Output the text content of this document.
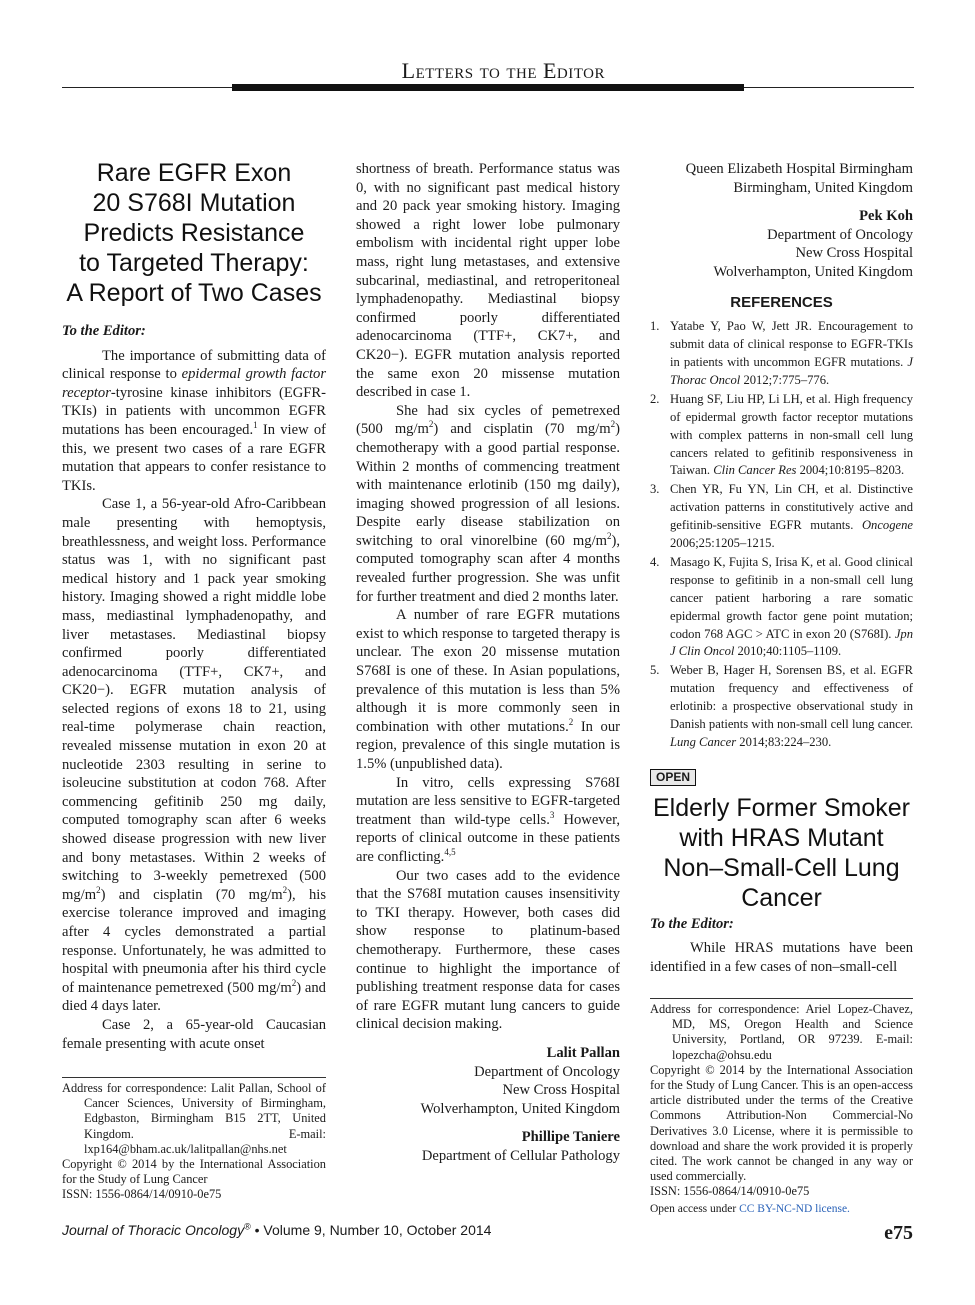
Letters to the Editor
Rare EGFR Exon
20 S768I Mutation
Predicts Resistance
to Targeted Therapy:
A Report of Two Cases
To the Editor:

The importance of submitting data of clinical response to epidermal growth factor receptor-tyrosine kinase inhibitors (EGFR-TKIs) in patients with uncommon EGFR mutations has been encouraged.$^1$ In view of this, we present two cases of a rare EGFR mutation that appears to confer resistance to TKIs.

Case 1, a 56-year-old Afro-Caribbean male presenting with hemoptysis, breathlessness, and weight loss. Performance status was 1, with no significant past medical history and 1 pack year smoking history. Imaging showed a right middle lobe mass, mediastinal lymphadenopathy, and liver metastases. Mediastinal biopsy confirmed poorly differentiated adenocarcinoma (TTF+, CK7+, and CK20−). EGFR mutation analysis of selected regions of exons 18 to 21, using real-time polymerase chain reaction, revealed missense mutation in exon 20 at nucleotide 2303 resulting in serine to isoleucine substitution at codon 768. After commencing gefitinib 250 mg daily, computed tomography scan after 6 weeks showed disease progression with new liver and bony metastases. Within 2 weeks of switching to 3-weekly pemetrexed (500 $mg/m^2$) and cisplatin (70 $mg/m^2$), his exercise tolerance improved and imaging after 4 cycles demonstrated a partial response. Unfortunately, he was admitted to hospital with pneumonia after his third cycle of maintenance pemetrexed (500 $mg/m^2$) and died 4 days later.

Case 2, a 65-year-old Caucasian female presenting with acute onset

Address for correspondence: Lalit Pallan, School of Cancer Sciences, University of Birmingham, Edgbaston, Birmingham B15 2TT, United Kingdom. E-mail: lxp164@bham.ac.uk/lalitpallan@nhs.net
Copyright © 2014 by the International Association for the Study of Lung Cancer
ISSN: 1556-0864/14/0910-0e75

shortness of breath. Performance status was 0, with no significant past medical history and 20 pack year smoking history. Imaging showed a right lower lobe pulmonary embolism with incidental right upper lobe mass, right lung metastases, and extensive subcarinal, mediastinal, and retroperitoneal lymphadenopathy. Mediastinal biopsy confirmed poorly differentiated adenocarcinoma (TTF+, CK7+, and CK20−). EGFR mutation analysis reported the same exon 20 missense mutation described in case 1.

She had six cycles of pemetrexed (500 $mg/m^2$) and cisplatin (70 $mg/m^2$) chemotherapy with a good partial response. Within 2 months of commencing treatment with maintenance erlotinib (150 mg daily), imaging showed progression of all lesions. Despite early disease stabilization on switching to oral vinorelbine (60 $mg/m^2$), computed tomography scan after 4 months revealed further progression. She was unfit for further treatment and died 2 months later.

A number of rare EGFR mutations exist to which response to targeted therapy is unclear. The exon 20 missense mutation S768I is one of these. In Asian populations, prevalence of this mutation is less than 5% although it is more commonly seen in combination with other mutations.$^2$ In our region, prevalence of this single mutation is 1.5% (unpublished data).

In vitro, cells expressing S768I mutation are less sensitive to EGFR-targeted treatment than wild-type cells.$^3$ However, reports of clinical outcome in these patients are conflicting.$^{4,5}$

Our two cases add to the evidence that the S768I mutation causes insensitivity to TKI therapy. However, both cases did show response to platinum-based chemotherapy. Furthermore, these cases continue to highlight the importance of publishing treatment response data for cases of rare EGFR mutant lung cancers to guide clinical decision making.

Lalit Pallan
Department of Oncology
New Cross Hospital
Wolverhampton, United Kingdom
Phillipe Taniere
Department of Cellular Pathology
Queen Elizabeth Hospital Birmingham
Birmingham, United Kingdom
Pek Koh
Department of Oncology
New Cross Hospital
Wolverhampton, United Kingdom
REFERENCES
1. Yatabe Y, Pao W, Jett JR. Encouragement to submit data of clinical response to EGFR-TKIs in patients with uncommon EGFR mutations. J Thorac Oncol 2012;7:775–776.
2. Huang SF, Liu HP, Li LH, et al. High frequency of epidermal growth factor receptor mutations with complex patterns in non-small cell lung cancers related to gefitinib responsiveness in Taiwan. Clin Cancer Res 2004;10:8195–8203.
3. Chen YR, Fu YN, Lin CH, et al. Distinctive activation patterns in constitutively active and gefitinib-sensitive EGFR mutants. Oncogene 2006;25:1205–1215.
4. Masago K, Fujita S, Irisa K, et al. Good clinical response to gefitinib in a non-small cell lung cancer patient harboring a rare somatic epidermal growth factor gene point mutation; codon 768 AGC > ATC in exon 20 (S768I). Jpn J Clin Oncol 2010;40:1105–1109.
5. Weber B, Hager H, Sorensen BS, et al. EGFR mutation frequency and effectiveness of erlotinib: a prospective observational study in Danish patients with non-small cell lung cancer. Lung Cancer 2014;83:224–230.
OPEN
Elderly Former Smoker
with HRAS Mutant
Non–Small-Cell Lung
Cancer
To the Editor:

While HRAS mutations have been identified in a few cases of non–small-cell

Address for correspondence: Ariel Lopez-Chavez, MD, MS, Oregon Health and Science University, Portland, OR 97239. E-mail: lopezcha@ohsu.edu
Copyright © 2014 by the International Association for the Study of Lung Cancer. This is an open-access article distributed under the terms of the Creative Commons Attribution-Non Commercial-No Derivatives 3.0 License, where it is permissible to download and share the work provided it is properly cited. The work cannot be changed in any way or used commercially.
ISSN: 1556-0864/14/0910-0e75
Open access under CC BY-NC-ND license.
Journal of Thoracic Oncology® • Volume 9, Number 10, October 2014	e75
